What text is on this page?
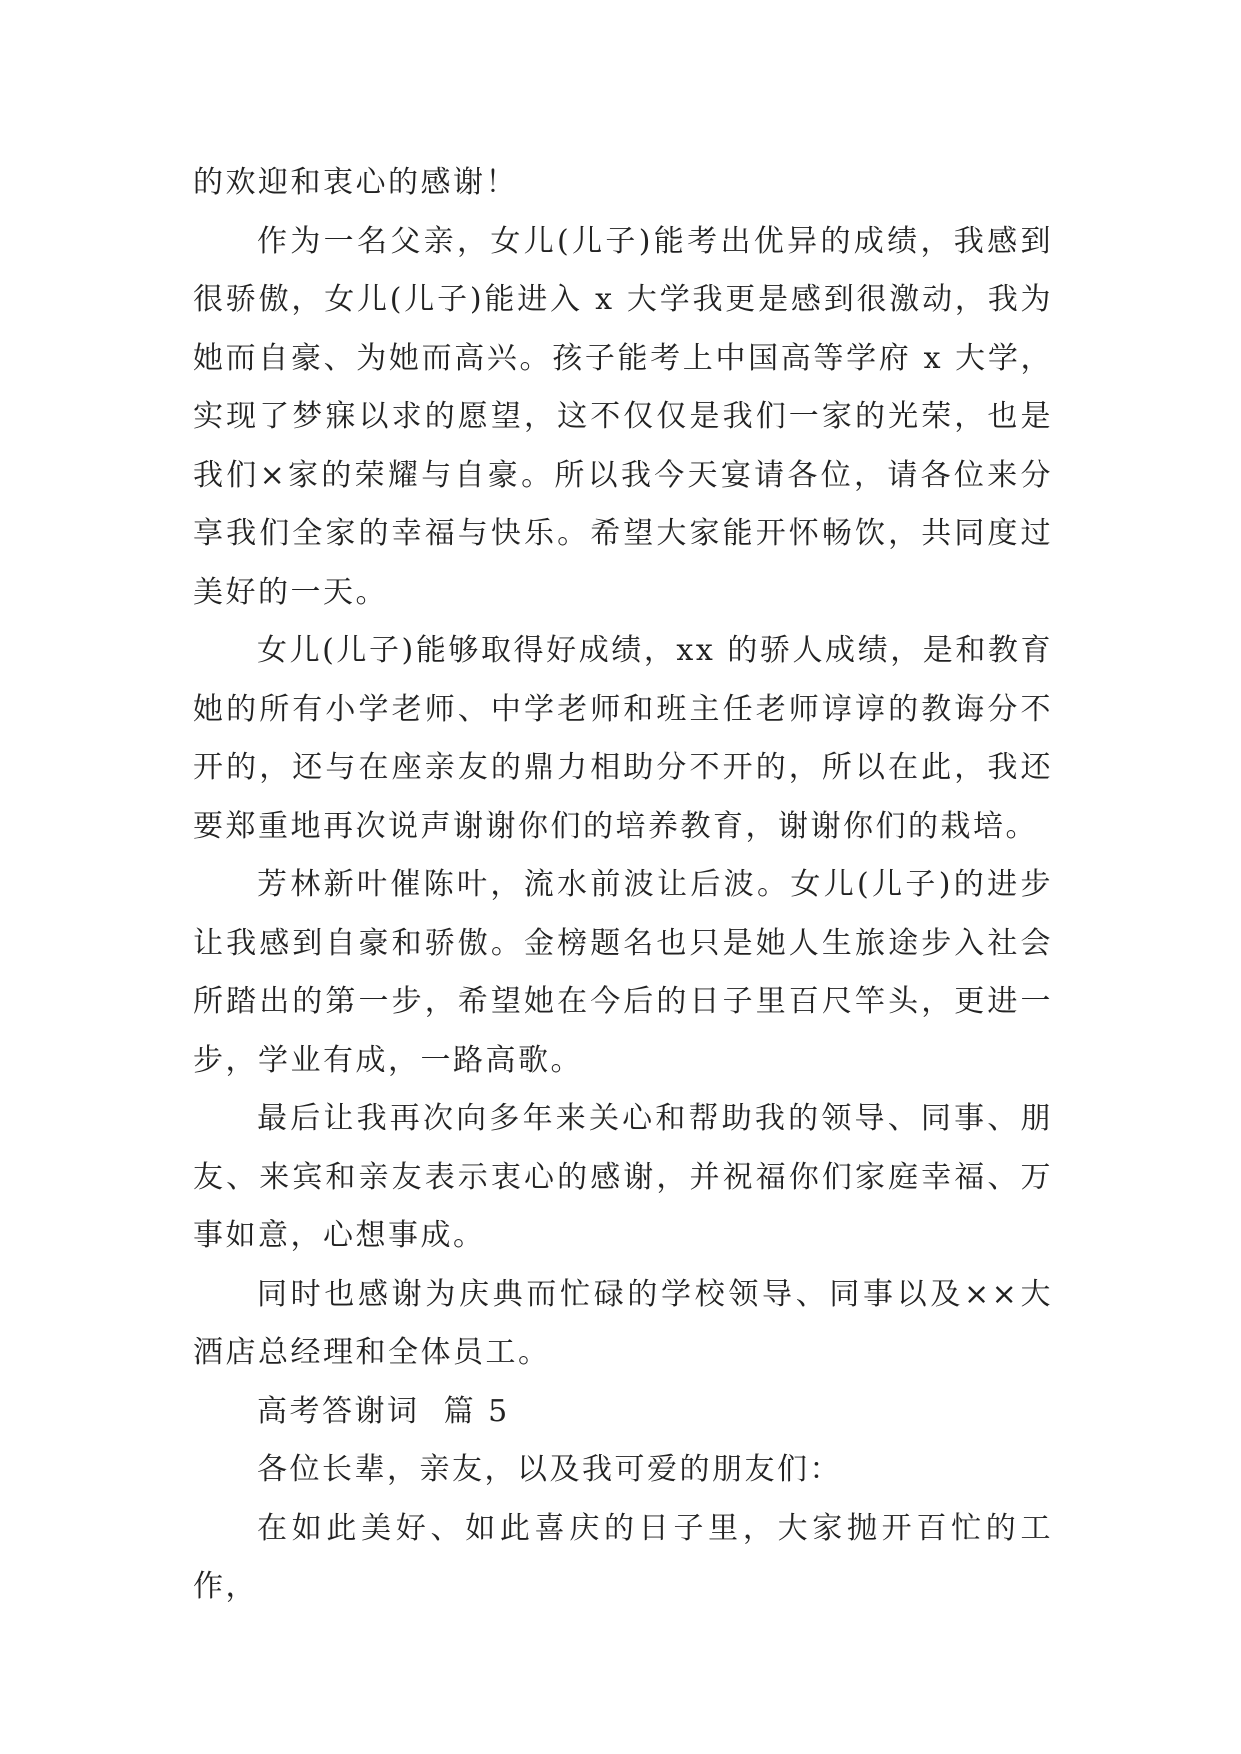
的欢迎和衷心的感谢！

作为一名父亲，女儿(儿子)能考出优异的成绩，我感到很骄傲，女儿(儿子)能进入 x 大学我更是感到很激动，我为她而自豪、为她而高兴。孩子能考上中国高等学府 x 大学，实现了梦寐以求的愿望，这不仅仅是我们一家的光荣，也是我们×家的荣耀与自豪。所以我今天宴请各位，请各位来分享我们全家的幸福与快乐。希望大家能开怀畅饮，共同度过美好的一天。

女儿(儿子)能够取得好成绩，xx 的骄人成绩，是和教育她的所有小学老师、中学老师和班主任老师谆谆的教诲分不开的，还与在座亲友的鼎力相助分不开的，所以在此，我还要郑重地再次说声谢谢你们的培养教育，谢谢你们的栽培。

芳林新叶催陈叶，流水前波让后波。女儿(儿子)的进步让我感到自豪和骄傲。金榜题名也只是她人生旅途步入社会所踏出的第一步，希望她在今后的日子里百尺竿头，更进一步，学业有成，一路高歌。

最后让我再次向多年来关心和帮助我的领导、同事、朋友、来宾和亲友表示衷心的感谢，并祝福你们家庭幸福、万事如意，心想事成。

同时也感谢为庆典而忙碌的学校领导、同事以及××大酒店总经理和全体员工。

高考答谢词  篇 5

各位长辈，亲友，以及我可爱的朋友们：

在如此美好、如此喜庆的日子里，大家抛开百忙的工作，
